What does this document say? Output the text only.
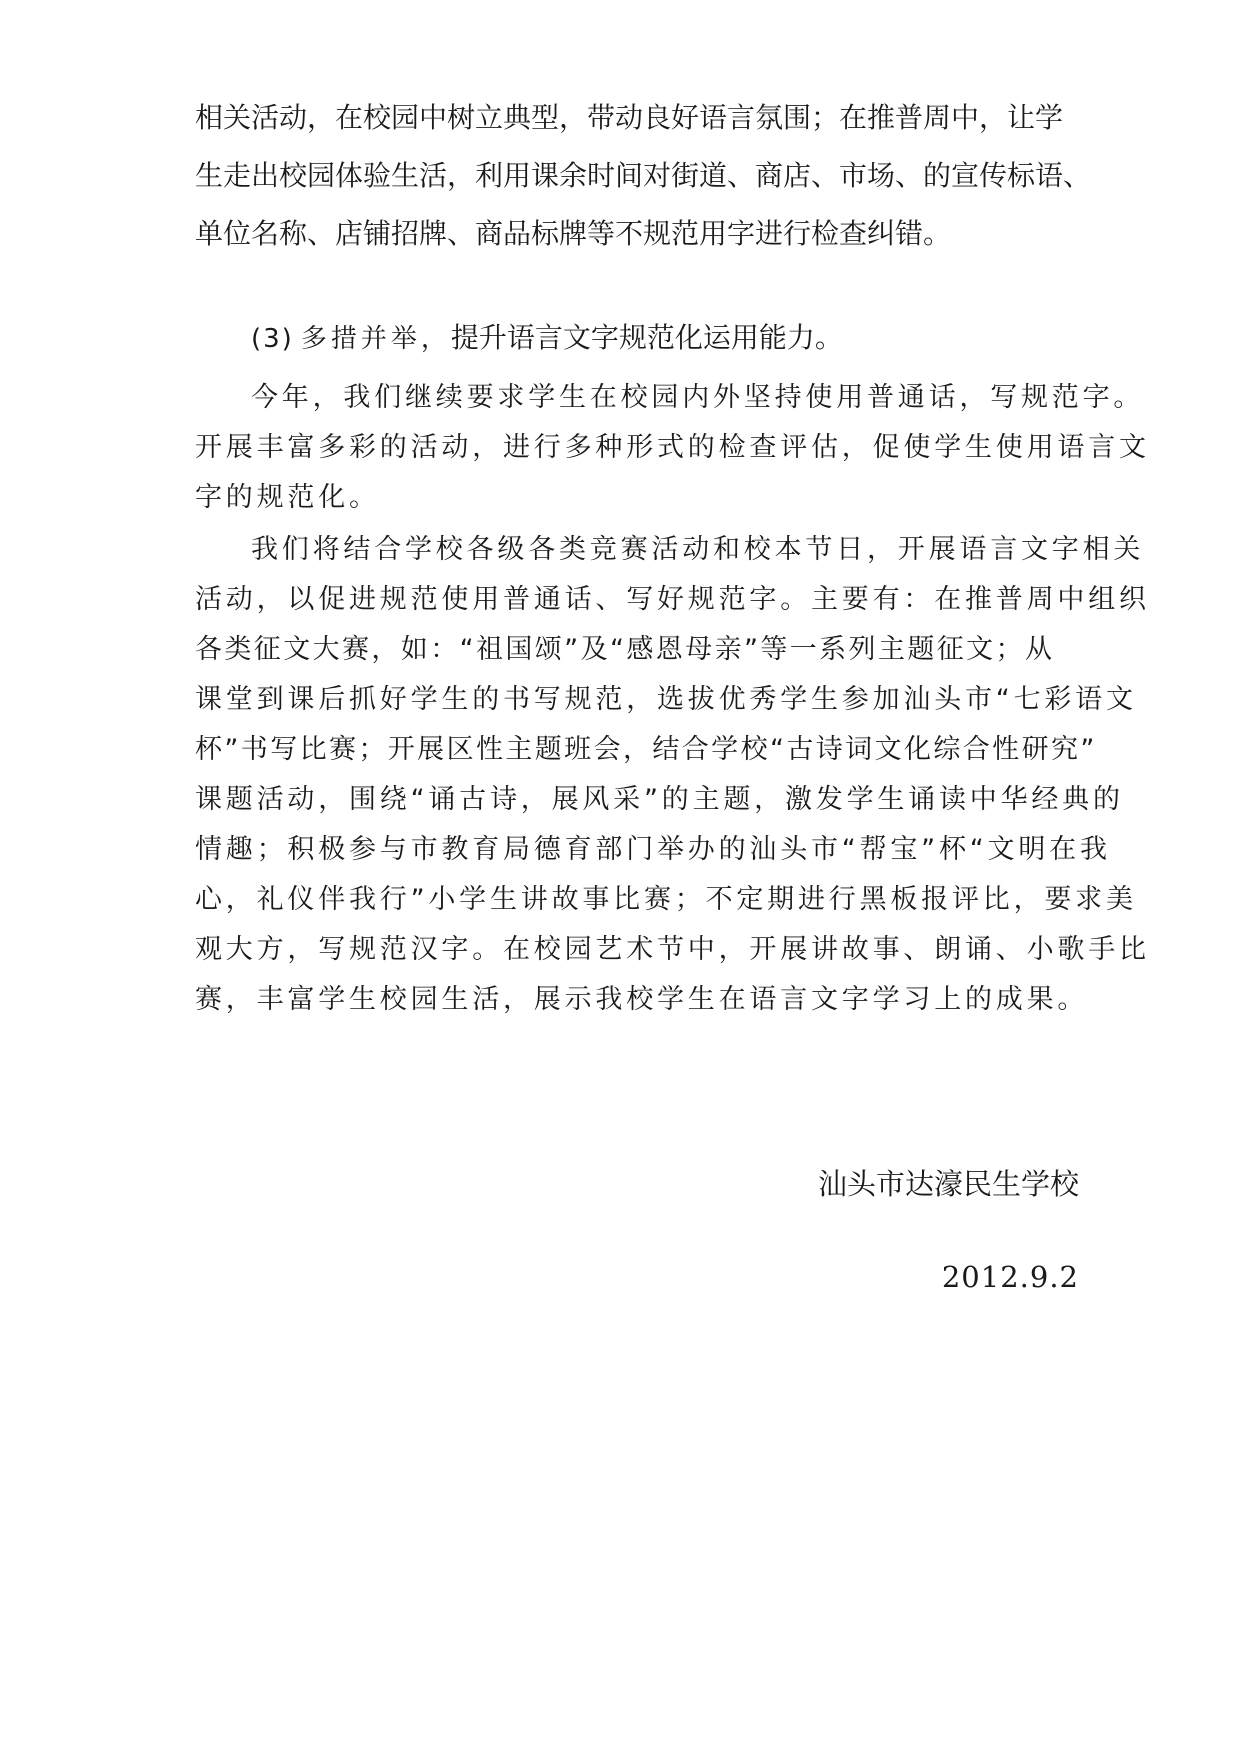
相关活动，在校园中树立典型，带动良好语言氛围；在推普周中，让学
生走出校园体验生活，利用课余时间对街道、商店、市场、的宣传标语、
单位名称、店铺招牌、商品标牌等不规范用字进行检查纠错。
(3) 多措并举，提升语言文字规范化运用能力。
今年，我们继续要求学生在校园内外坚持使用普通话，写规范字。
开展丰富多彩的活动，进行多种形式的检查评估，促使学生使用语言文
字的规范化。
我们将结合学校各级各类竞赛活动和校本节日，开展语言文字相关
活动，以促进规范使用普通话、写好规范字。主要有：在推普周中组织
各类征文大赛，如：“祖国颂”及“感恩母亲”等一系列主题征文；从
课堂到课后抓好学生的书写规范，选拔优秀学生参加汕头市“七彩语文
杯”书写比赛；开展区性主题班会，结合学校“古诗词文化综合性研究”
课题活动，围绕“诵古诗，展风采”的主题，激发学生诵读中华经典的
情趣；积极参与市教育局德育部门举办的汕头市“帮宝”杯“文明在我
心，礼仪伴我行”小学生讲故事比赛；不定期进行黑板报评比，要求美
观大方，写规范汉字。在校园艺术节中，开展讲故事、朗诵、小歌手比
赛，丰富学生校园生活，展示我校学生在语言文字学习上的成果。
汕头市达濠民生学校
2012.9.2
